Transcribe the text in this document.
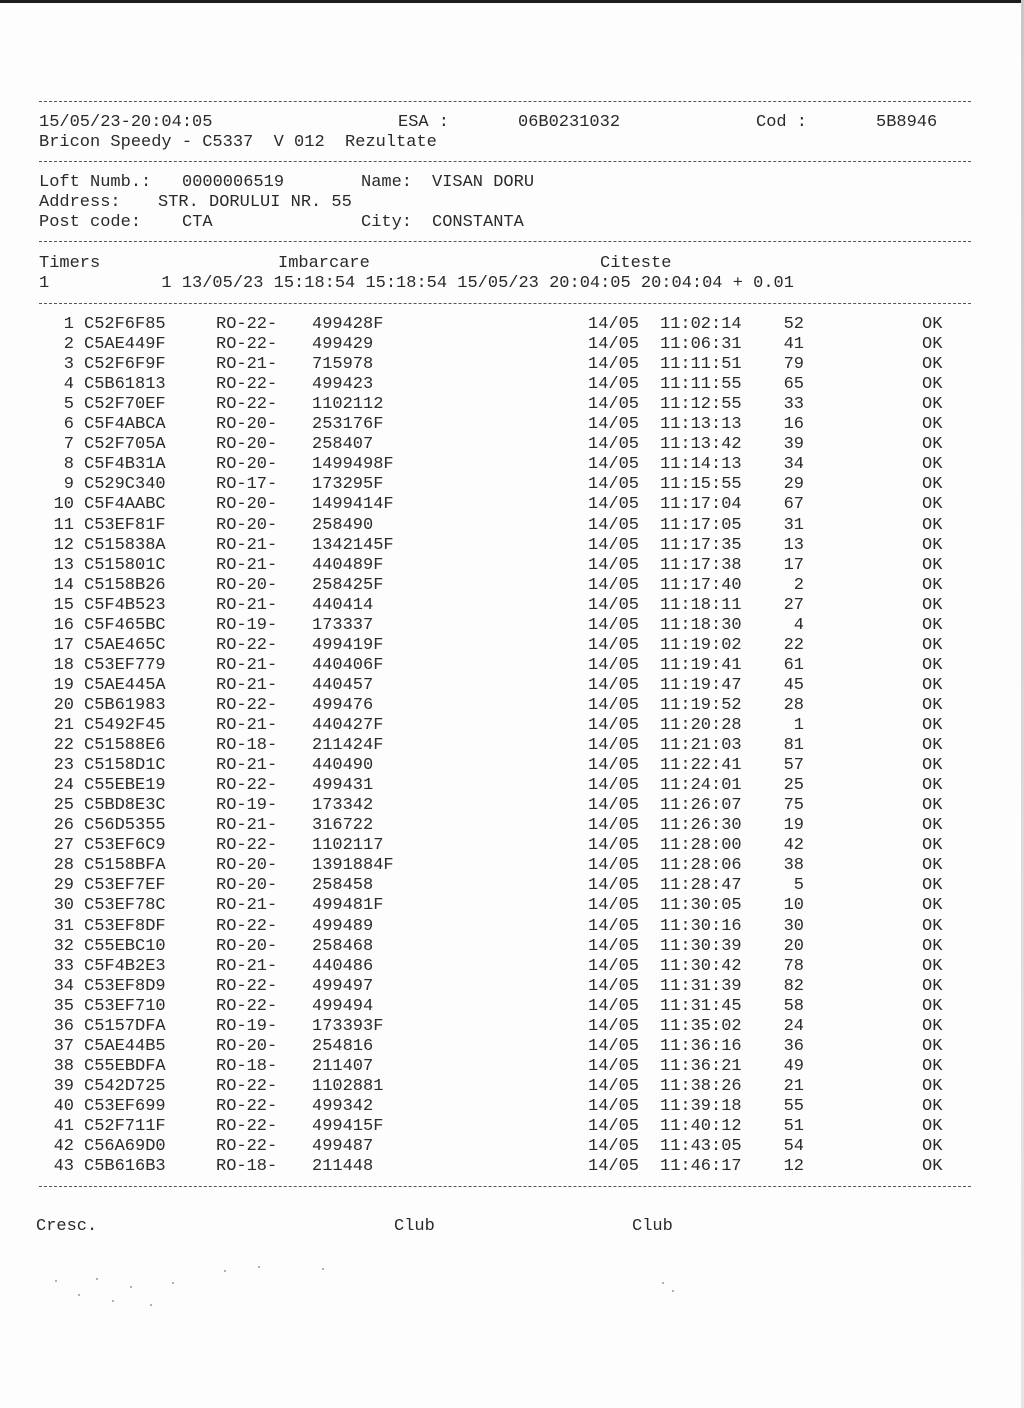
15/05/23-20:04:05	ESA :	06B0231032	Cod :	5B8946
Bricon Speedy - C5337  V 012  Rezultate
Loft Numb.: 0000006519	Name: VISAN DORU
Address: STR. DORULUI NR. 55
Post code: CTA	City: CONSTANTA
Timers	Imbarcare	Citeste
1           1 13/05/23 15:18:54 15:18:54 15/05/23 20:04:05 20:04:04 + 0.01
1 C52F6F85	RO-22- 499428F	14/05 11:02:14	52	OK
2 C5AE449F	RO-22- 499429	14/05 11:06:31	41	OK
3 C52F6F9F	RO-21- 715978	14/05 11:11:51	79	OK
4 C5B61813	RO-22- 499423	14/05 11:11:55	65	OK
5 C52F70EF	RO-22- 1102112	14/05 11:12:55	33	OK
6 C5F4ABCA	RO-20- 253176F	14/05 11:13:13	16	OK
7 C52F705A	RO-20- 258407	14/05 11:13:42	39	OK
8 C5F4B31A	RO-20- 1499498F	14/05 11:14:13	34	OK
9 C529C340	RO-17- 173295F	14/05 11:15:55	29	OK
10 C5F4AABC	RO-20- 1499414F	14/05 11:17:04	67	OK
11 C53EF81F	RO-20- 258490	14/05 11:17:05	31	OK
12 C515838A	RO-21- 1342145F	14/05 11:17:35	13	OK
13 C515801C	RO-21- 440489F	14/05 11:17:38	17	OK
14 C5158B26	RO-20- 258425F	14/05 11:17:40	2	OK
15 C5F4B523	RO-21- 440414	14/05 11:18:11	27	OK
16 C5F465BC	RO-19- 173337	14/05 11:18:30	4	OK
17 C5AE465C	RO-22- 499419F	14/05 11:19:02	22	OK
18 C53EF779	RO-21- 440406F	14/05 11:19:41	61	OK
19 C5AE445A	RO-21- 440457	14/05 11:19:47	45	OK
20 C5B61983	RO-22- 499476	14/05 11:19:52	28	OK
21 C5492F45	RO-21- 440427F	14/05 11:20:28	1	OK
22 C51588E6	RO-18- 211424F	14/05 11:21:03	81	OK
23 C5158D1C	RO-21- 440490	14/05 11:22:41	57	OK
24 C55EBE19	RO-22- 499431	14/05 11:24:01	25	OK
25 C5BD8E3C	RO-19- 173342	14/05 11:26:07	75	OK
26 C56D5355	RO-21- 316722	14/05 11:26:30	19	OK
27 C53EF6C9	RO-22- 1102117	14/05 11:28:00	42	OK
28 C5158BFA	RO-20- 1391884F	14/05 11:28:06	38	OK
29 C53EF7EF	RO-20- 258458	14/05 11:28:47	5	OK
30 C53EF78C	RO-21- 499481F	14/05 11:30:05	10	OK
31 C53EF8DF	RO-22- 499489	14/05 11:30:16	30	OK
32 C55EBC10	RO-20- 258468	14/05 11:30:39	20	OK
33 C5F4B2E3	RO-21- 440486	14/05 11:30:42	78	OK
34 C53EF8D9	RO-22- 499497	14/05 11:31:39	82	OK
35 C53EF710	RO-22- 499494	14/05 11:31:45	58	OK
36 C5157DFA	RO-19- 173393F	14/05 11:35:02	24	OK
37 C5AE44B5	RO-20- 254816	14/05 11:36:16	36	OK
38 C55EBDFA	RO-18- 211407	14/05 11:36:21	49	OK
39 C542D725	RO-22- 1102881	14/05 11:38:26	21	OK
40 C53EF699	RO-22- 499342	14/05 11:39:18	55	OK
41 C52F711F	RO-22- 499415F	14/05 11:40:12	51	OK
42 C56A69D0	RO-22- 499487	14/05 11:43:05	54	OK
43 C5B616B3	RO-18- 211448	14/05 11:46:17	12	OK
Cresc.	Club	Club
